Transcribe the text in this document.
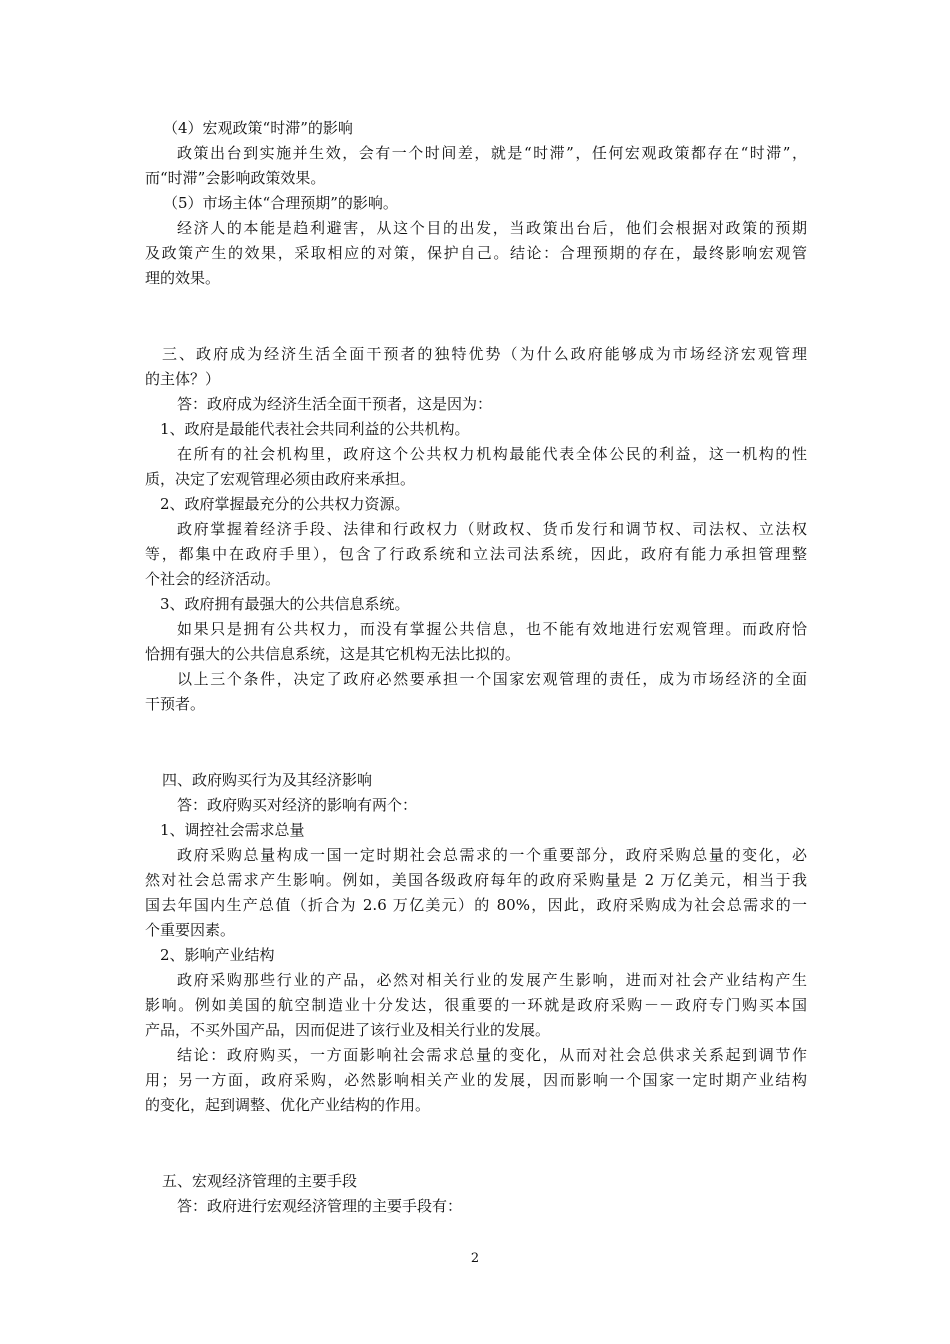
（4）宏观政策“时滞”的影响
政策出台到实施并生效，会有一个时间差，就是“时滞”，任何宏观政策都存在“时滞”，
而“时滞”会影响政策效果。
（5）市场主体“合理预期”的影响。
经济人的本能是趋利避害，从这个目的出发，当政策出台后，他们会根据对政策的预期
及政策产生的效果，采取相应的对策，保护自己。结论：合理预期的存在，最终影响宏观管
理的效果。
三、政府成为经济生活全面干预者的独特优势（为什么政府能够成为市场经济宏观管理
的主体？）
答：政府成为经济生活全面干预者，这是因为：
1、政府是最能代表社会共同利益的公共机构。
在所有的社会机构里，政府这个公共权力机构最能代表全体公民的利益，这一机构的性
质，决定了宏观管理必须由政府来承担。
2、政府掌握最充分的公共权力资源。
政府掌握着经济手段、法律和行政权力（财政权、货币发行和调节权、司法权、立法权
等，都集中在政府手里），包含了行政系统和立法司法系统，因此，政府有能力承担管理整
个社会的经济活动。
3、政府拥有最强大的公共信息系统。
如果只是拥有公共权力，而没有掌握公共信息，也不能有效地进行宏观管理。而政府恰
恰拥有强大的公共信息系统，这是其它机构无法比拟的。
以上三个条件，决定了政府必然要承担一个国家宏观管理的责任，成为市场经济的全面
干预者。
四、政府购买行为及其经济影响
答：政府购买对经济的影响有两个：
1、调控社会需求总量
政府采购总量构成一国一定时期社会总需求的一个重要部分，政府采购总量的变化，必
然对社会总需求产生影响。例如，美国各级政府每年的政府采购量是 2 万亿美元，相当于我
国去年国内生产总值（折合为 2.6 万亿美元）的 80%，因此，政府采购成为社会总需求的一
个重要因素。
2、影响产业结构
政府采购那些行业的产品，必然对相关行业的发展产生影响，进而对社会产业结构产生
影响。例如美国的航空制造业十分发达，很重要的一环就是政府采购－－政府专门购买本国
产品，不买外国产品，因而促进了该行业及相关行业的发展。
结论：政府购买，一方面影响社会需求总量的变化，从而对社会总供求关系起到调节作
用；另一方面，政府采购，必然影响相关产业的发展，因而影响一个国家一定时期产业结构
的变化，起到调整、优化产业结构的作用。
五、宏观经济管理的主要手段
答：政府进行宏观经济管理的主要手段有：
2
